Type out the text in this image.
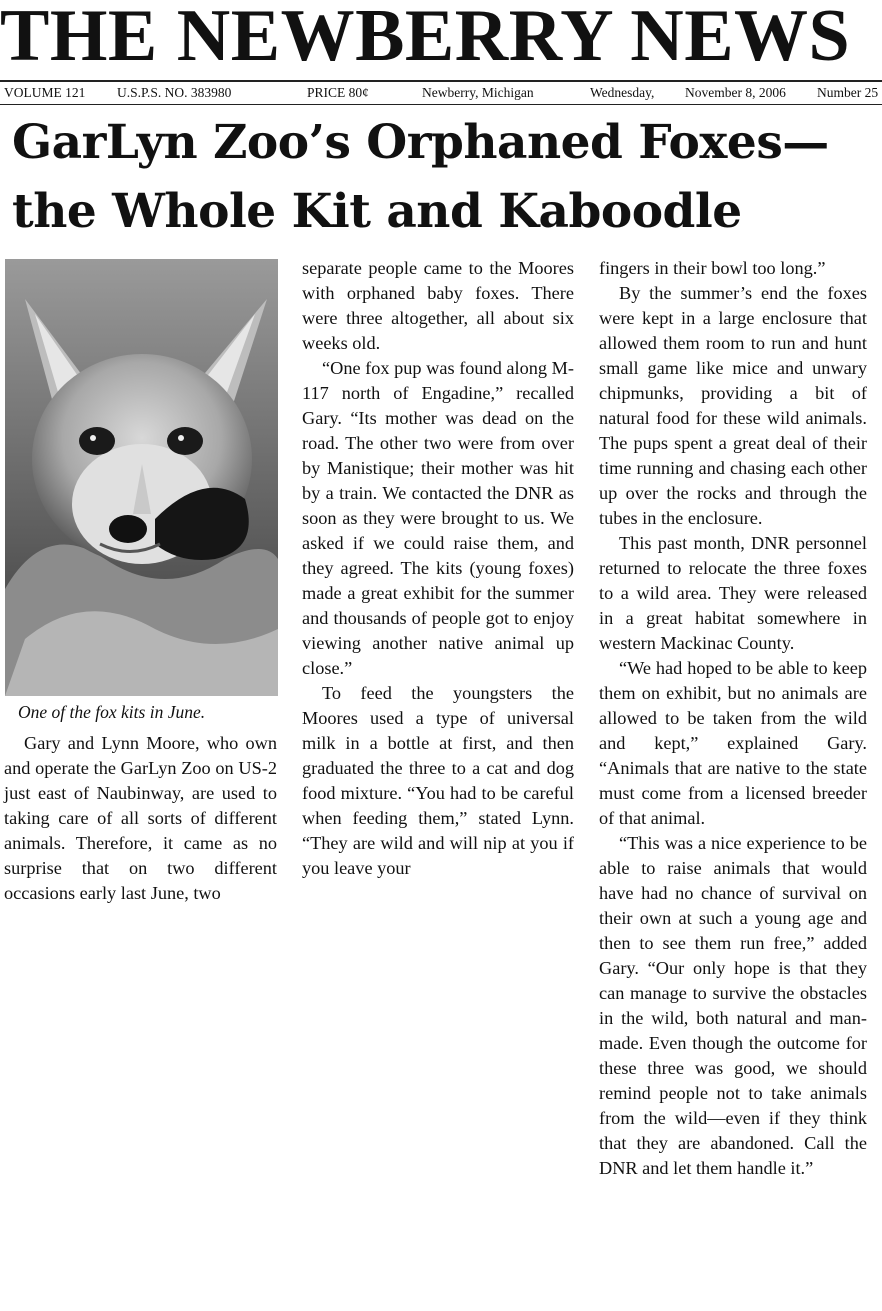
THE NEWBERRY NEWS
VOLUME 121 U.S.P.S. NO. 383980	PRICE 80¢	Newberry, Michigan	Wednesday, November 8, 2006 Number 25
GarLyn Zoo’s Orphaned Foxes—
the Whole Kit and Kaboodle
One of the fox kits in June.

Gary and Lynn Moore, who own and operate the GarLyn Zoo on US-2 just east of Naubinway, are used to taking care of all sorts of different animals. Therefore, it came as no surprise that on two different occasions early last June, two

separate people came to the Moores with orphaned baby foxes. There were three altogether, all about six weeks old.

“One fox pup was found along M-117 north of Engadine,” recalled Gary. “Its mother was dead on the road. The other two were from over by Manistique; their mother was hit by a train. We contacted the DNR as soon as they were brought to us. We asked if we could raise them, and they agreed. The kits (young foxes) made a great exhibit for the summer and thousands of people got to enjoy viewing another native animal up close.”

To feed the youngsters the Moores used a type of universal milk in a bottle at first, and then graduated the three to a cat and dog food mixture. “You had to be careful when feeding them,” stated Lynn. “They are wild and will nip at you if you leave your

fingers in their bowl too long.”

By the summer’s end the foxes were kept in a large enclosure that allowed them room to run and hunt small game like mice and unwary chipmunks, providing a bit of natural food for these wild animals. The pups spent a great deal of their time running and chasing each other up over the rocks and through the tubes in the enclosure.

This past month, DNR personnel returned to relocate the three foxes to a wild area. They were released in a great habitat somewhere in western Mackinac County.

“We had hoped to be able to keep them on exhibit, but no animals are allowed to be taken from the wild and kept,” explained Gary. “Animals that are native to the state must come from a licensed breeder of that animal.

“This was a nice experience to be able to raise animals that would have had no chance of survival on their own at such a young age and then to see them run free,” added Gary. “Our only hope is that they can manage to survive the obstacles in the wild, both natural and manmade. Even though the outcome for these three was good, we should remind people not to take animals from the wild—even if they think that they are abandoned. Call the DNR and let them handle it.”
